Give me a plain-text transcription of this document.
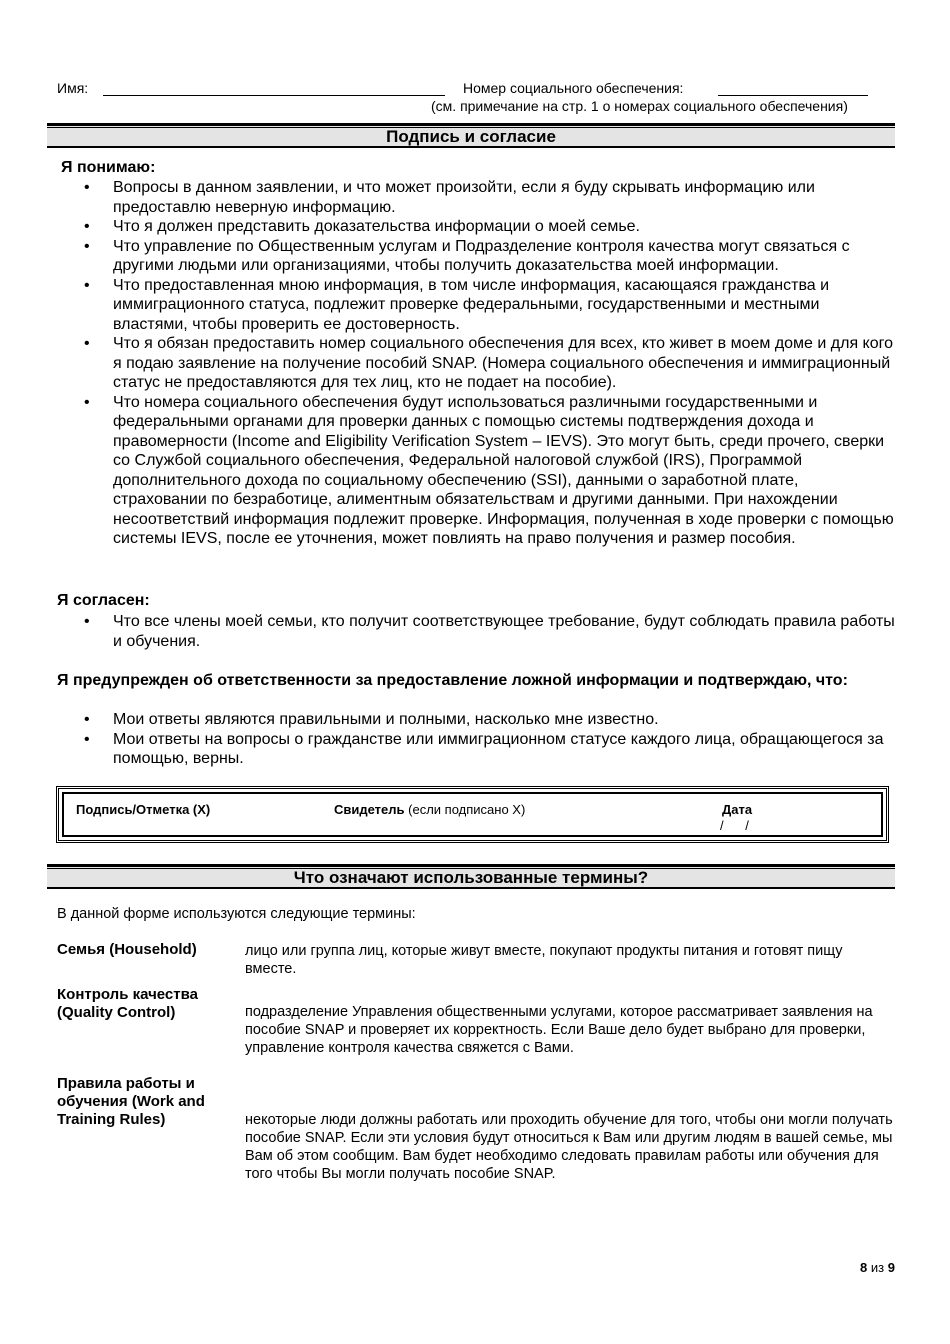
Имя:	Номер социального обеспечения:
(см. примечание на стр. 1 о номерах социального обеспечения)
Подпись и согласие
Я понимаю:
• Вопросы в данном заявлении, и что может произойти, если я буду скрывать информацию или предоставлю неверную информацию.
• Что я должен представить доказательства информации о моей семье.
• Что управление по Общественным услугам и Подразделение контроля качества могут связаться с другими людьми или организациями, чтобы получить доказательства моей информации.
• Что предоставленная мною информация, в том числе информация, касающаяся гражданства и иммиграционного статуса, подлежит проверке федеральными, государственными и местными властями, чтобы проверить ее достоверность.
• Что я обязан предоставить номер социального обеспечения для всех, кто живет в моем доме и для кого я подаю заявление на получение пособий SNAP. (Номера социального обеспечения и иммиграционный статус не предоставляются для тех лиц, кто не подает на пособие).
• Что номера социального обеспечения будут использоваться различными государственными и федеральными органами для проверки данных с помощью системы подтверждения дохода и правомерности (Income and Eligibility Verification System – IEVS). Это могут быть, среди прочего, сверки со Службой социального обеспечения, Федеральной налоговой службой (IRS), Программой дополнительного дохода по социальному обеспечению (SSI), данными о заработной плате, страховании по безработице, алиментным обязательствам и другими данными. При нахождении несоответствий информация подлежит проверке. Информация, полученная в ходе проверки с помощью системы IEVS, после ее уточнения, может повлиять на право получения и размер пособия.
Я согласен:
• Что все члены моей семьи, кто получит соответствующее требование, будут соблюдать правила работы и обучения.
Я предупрежден об ответственности за предоставление ложной информации и подтверждаю, что:
• Мои ответы являются правильными и полными, насколько мне известно.
• Мои ответы на вопросы о гражданстве или иммиграционном статусе каждого лица, обращающегося за помощью, верны.
Подпись/Отметка (X)	Свидетель (если подписано X)	Дата
/      /
Что означают использованные термины?
В данной форме используются следующие термины:
Семья (Household)	лицо или группа лиц, которые живут вместе, покупают продукты питания и готовят пищу вместе.
Контроль качества (Quality Control)	подразделение Управления общественными услугами, которое рассматривает заявления на пособие SNAP и проверяет их корректность. Если Ваше дело будет выбрано для проверки, управление контроля качества свяжется с Вами.
Правила работы и обучения (Work and Training Rules)	некоторые люди должны работать или проходить обучение для того, чтобы они могли получать пособие SNAP. Если эти условия будут относиться к Вам или другим людям в вашей семье, мы Вам об этом сообщим. Вам будет необходимо следовать правилам работы или обучения для того чтобы Вы могли получать пособие SNAP.
8 из 9
